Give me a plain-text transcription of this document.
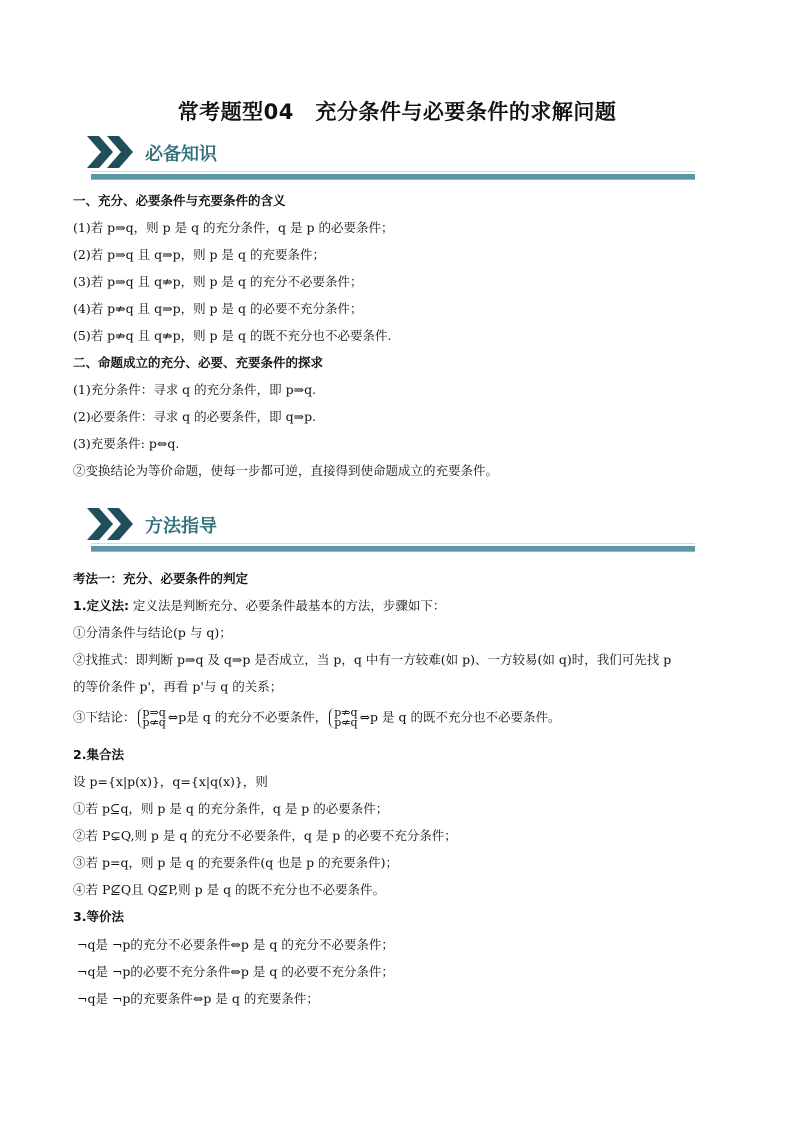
常考题型04　充分条件与必要条件的求解问题
必备知识
一、充分、必要条件与充要条件的含义
(1)若 p⇒q，则 p 是 q 的充分条件，q 是 p 的必要条件；
(2)若 p⇒q 且 q⇒p，则 p 是 q 的充要条件；
(3)若 p⇒q 且 q⇏p，则 p 是 q 的充分不必要条件；
(4)若 p⇏q 且 q⇒p，则 p 是 q 的必要不充分条件；
(5)若 p⇏q 且 q⇏p，则 p 是 q 的既不充分也不必要条件.
二、命题成立的充分、必要、充要条件的探求
(1)充分条件：寻求 q 的充分条件，即 p⇒q.
(2)必要条件：寻求 q 的必要条件，即 q⇒p.
(3)充要条件: p⇔q.
②变换结论为等价命题，使每一步都可逆，直接得到使命题成立的充要条件。
方法指导
考法一：充分、必要条件的判定
1.定义法: 定义法是判断充分、必要条件最基本的方法，步骤如下：
①分清条件与结论(p 与 q)；
②找推式：即判断 p⇒q 及 q⇒p 是否成立，当 p，q 中有一方较难(如 p)、一方较易(如 q)时，我们可先找 p
的等价条件 p'，再看 p'与 q 的关系；
③下结论： p⇒q
p⇍q ⇔p是 q 的充分不必要条件， p⇏q
p⇍q ⇔p 是 q 的既不充分也不必要条件。
2.集合法
设 p={x|p(x)}，q={x|q(x)}，则
①若 p⊆q，则 p 是 q 的充分条件，q 是 p 的必要条件；
②若 P⊊Q,则 p 是 q 的充分不必要条件，q 是 p 的必要不充分条件；
③若 p=q，则 p 是 q 的充要条件(q 也是 p 的充要条件)；
④若 P⊈Q且 Q⊈P,则 p 是 q 的既不充分也不必要条件。
3.等价法
¬q是 ¬p的充分不必要条件⇔p 是 q 的充分不必要条件；
¬q是 ¬p的必要不充分条件⇔p 是 q 的必要不充分条件；
¬q是 ¬p的充要条件⇔p 是 q 的充要条件；
